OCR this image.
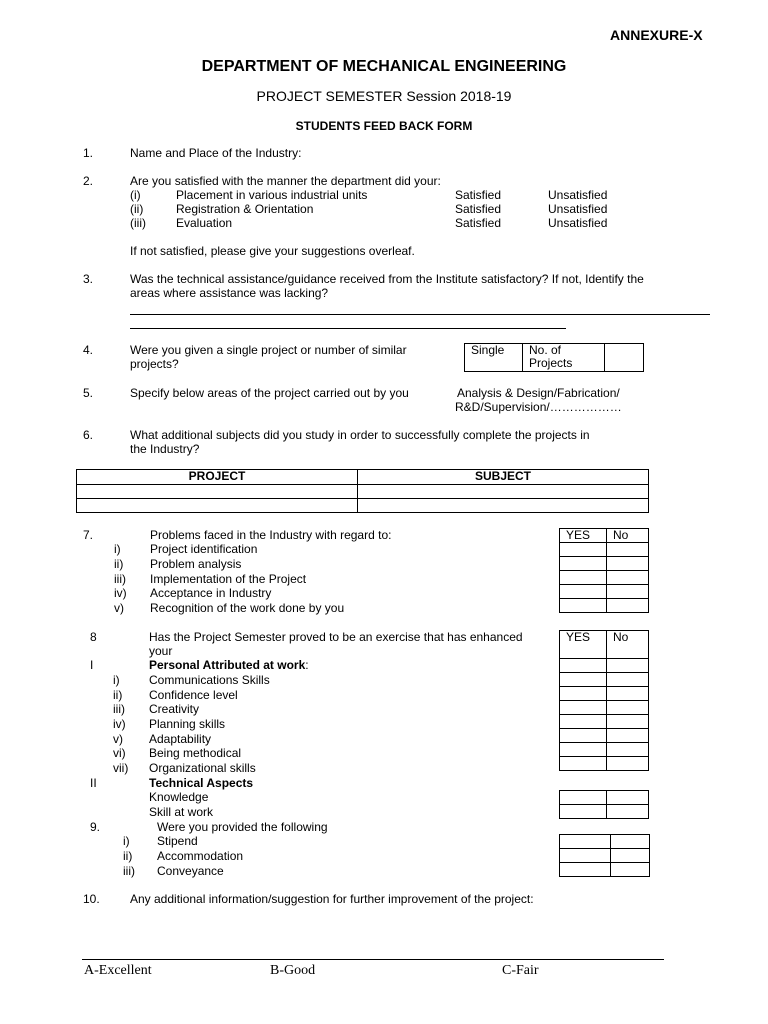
ANNEXURE-X
DEPARTMENT OF MECHANICAL ENGINEERING
PROJECT SEMESTER Session 2018-19
STUDENTS FEED BACK FORM
1.	Name and Place of the Industry:
2.	Are you satisfied with the manner the department did your:
(i)	Placement in various industrial units	Satisfied	Unsatisfied
(ii)	Registration & Orientation	Satisfied	Unsatisfied
(iii)	Evaluation	Satisfied	Unsatisfied
If not satisfied, please give your suggestions overleaf.
3.	Was the technical assistance/guidance received from the Institute satisfactory? If not, Identify the
areas where assistance was lacking?
4.	Were you given a single project or number of similar
projects?
Single	No. of
Projects	
5.	Specify below areas of the project carried out by you	Analysis & Design/Fabrication/
R&D/Supervision/………………
6.	What additional subjects did you study in order to successfully complete the projects in
the Industry?
PROJECT	SUBJECT

7.	Problems faced in the Industry with regard to:
i) Project identification
ii) Problem analysis
iii) Implementation of the Project
iv) Acceptance in Industry
v) Recognition of the work done by you
YES	No

8	Has the Project Semester proved to be an exercise that has enhanced
your
I	Personal Attributed at work:
i) Communications Skills
ii) Confidence level
iii) Creativity
iv) Planning skills
v) Adaptability
vi) Being methodical
vii) Organizational skills
II	Technical Aspects
Knowledge
Skill at work
YES	No

9.	Were you provided the following
i) Stipend
ii) Accommodation
iii) Conveyance

10.	Any additional information/suggestion for further improvement of the project:
A-Excellent	B-Good	C-Fair
